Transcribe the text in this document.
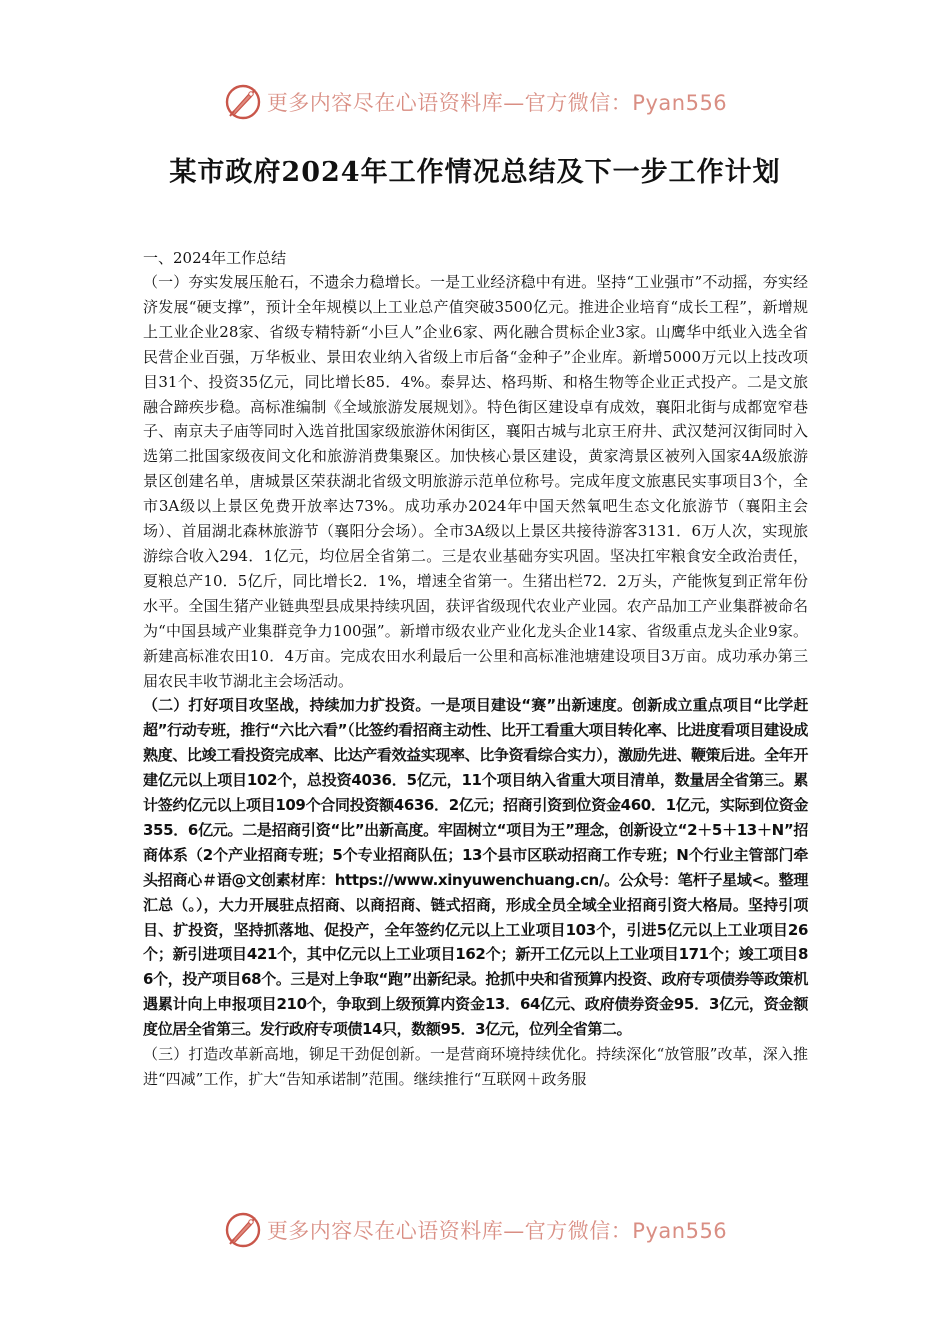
更多内容尽在心语资料库—官方微信：Pyan556
某市政府2024年工作情况总结及下一步工作计划
一、2024年工作总结
（一）夯实发展压舱石，不遗余力稳增长。一是工业经济稳中有进。坚持“工业强市”不动摇，夯实经济发展“硬支撑”，预计全年规模以上工业总产值突破3500亿元。推进企业培育“成长工程”，新增规上工业企业28家、省级专精特新“小巨人”企业6家、两化融合贯标企业3家。山鹰华中纸业入选全省民营企业百强，万华板业、景田农业纳入省级上市后备“金种子”企业库。新增5000万元以上技改项目31个、投资35亿元，同比增长85．4%。泰昇达、格玛斯、和格生物等企业正式投产。二是文旅融合蹄疾步稳。高标准编制《全域旅游发展规划》。特色街区建设卓有成效，襄阳北街与成都宽窄巷子、南京夫子庙等同时入选首批国家级旅游休闲街区，襄阳古城与北京王府井、武汉楚河汉街同时入选第二批国家级夜间文化和旅游消费集聚区。加快核心景区建设，黄家湾景区被列入国家4A级旅游景区创建名单，唐城景区荣获湖北省级文明旅游示范单位称号。完成年度文旅惠民实事项目3个，全市3A级以上景区免费开放率达73%。成功承办2024年中国天然氧吧生态文化旅游节（襄阳主会场）、首届湖北森林旅游节（襄阳分会场）。全市3A级以上景区共接待游客3131．6万人次，实现旅游综合收入294．1亿元，均位居全省第二。三是农业基础夯实巩固。坚决扛牢粮食安全政治责任，夏粮总产10．5亿斤，同比增长2．1%，增速全省第一。生猪出栏72．2万头，产能恢复到正常年份水平。全国生猪产业链典型县成果持续巩固，获评省级现代农业产业园。农产品加工产业集群被命名为“中国县域产业集群竞争力100强”。新增市级农业产业化龙头企业14家、省级重点龙头企业9家。新建高标准农田10．4万亩。完成农田水利最后一公里和高标准池塘建设项目3万亩。成功承办第三届农民丰收节湖北主会场活动。
（二）打好项目攻坚战，持续加力扩投资。一是项目建设“赛”出新速度。创新成立重点项目“比学赶超”行动专班，推行“六比六看”（比签约看招商主动性、比开工看重大项目转化率、比进度看项目建设成熟度、比竣工看投资完成率、比达产看效益实现率、比争资看综合实力），激励先进、鞭策后进。全年开建亿元以上项目102个，总投资4036．5亿元，11个项目纳入省重大项目清单，数量居全省第三。累计签约亿元以上项目109个合同投资额4636．2亿元；招商引资到位资金460．1亿元，实际到位资金355．6亿元。二是招商引资“比”出新高度。牢固树立“项目为王”理念，创新设立“2＋5＋13＋N”招商体系（2个产业招商专班；5个专业招商队伍；13个县市区联动招商工作专班；N个行业主管部门牵头招商心＃语@文创素材库：https://www.xinyuwenchuang.cn/。公众号：笔杆子星域<。整理汇总（。），大力开展驻点招商、以商招商、链式招商，形成全员全域全业招商引资大格局。坚持引项目、扩投资，坚持抓落地、促投产，全年签约亿元以上工业项目103个，引进5亿元以上工业项目26个；新引进项目421个，其中亿元以上工业项目162个；新开工亿元以上工业项目171个；竣工项目86个，投产项目68个。三是对上争取“跑”出新纪录。抢抓中央和省预算内投资、政府专项债券等政策机遇累计向上申报项目210个，争取到上级预算内资金13．64亿元、政府债券资金95．3亿元，资金额度位居全省第三。发行政府专项债14只，数额95．3亿元，位列全省第二。
（三）打造改革新高地，铆足干劲促创新。一是营商环境持续优化。持续深化“放管服”改革，深入推进“四减”工作，扩大“告知承诺制”范围。继续推行“互联网＋政务服
更多内容尽在心语资料库—官方微信：Pyan556
